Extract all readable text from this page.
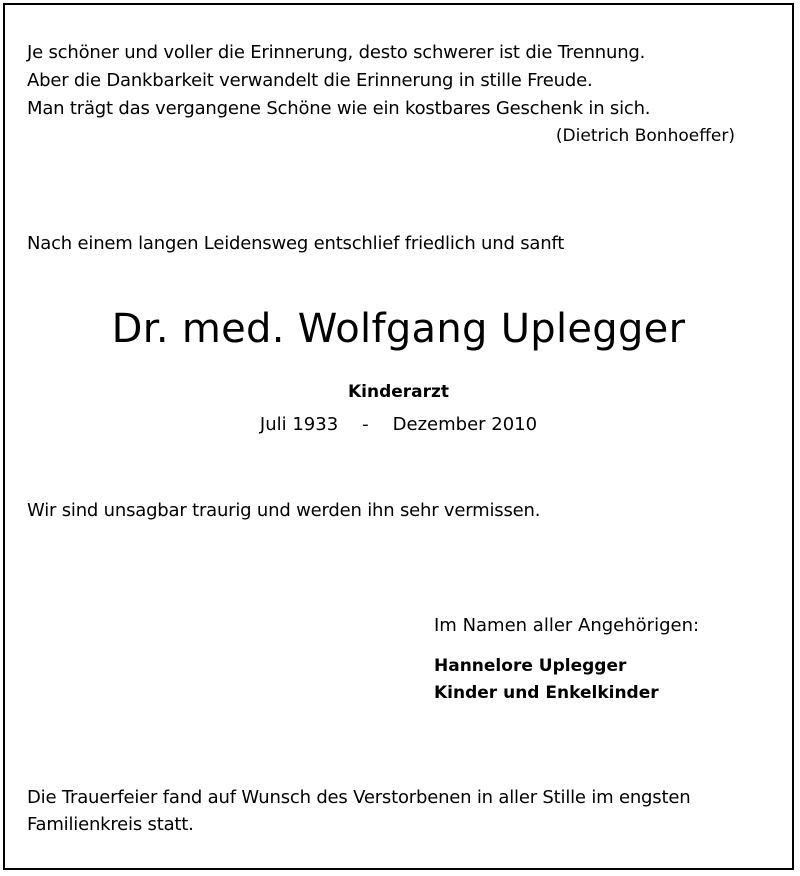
Je schöner und voller die Erinnerung, desto schwerer ist die Trennung.
Aber die Dankbarkeit verwandelt die Erinnerung in stille Freude.
Man trägt das vergangene Schöne wie ein kostbares Geschenk in sich.
(Dietrich Bonhoeffer)
Nach einem langen Leidensweg entschlief friedlich und sanft
Dr. med. Wolfgang Uplegger
Kinderarzt
Juli 1933 - Dezember 2010
Wir sind unsagbar traurig und werden ihn sehr vermissen.
Im Namen aller Angehörigen:
Hannelore Uplegger
Kinder und Enkelkinder
Die Trauerfeier fand auf Wunsch des Verstorbenen in aller Stille im engsten
Familienkreis statt.
